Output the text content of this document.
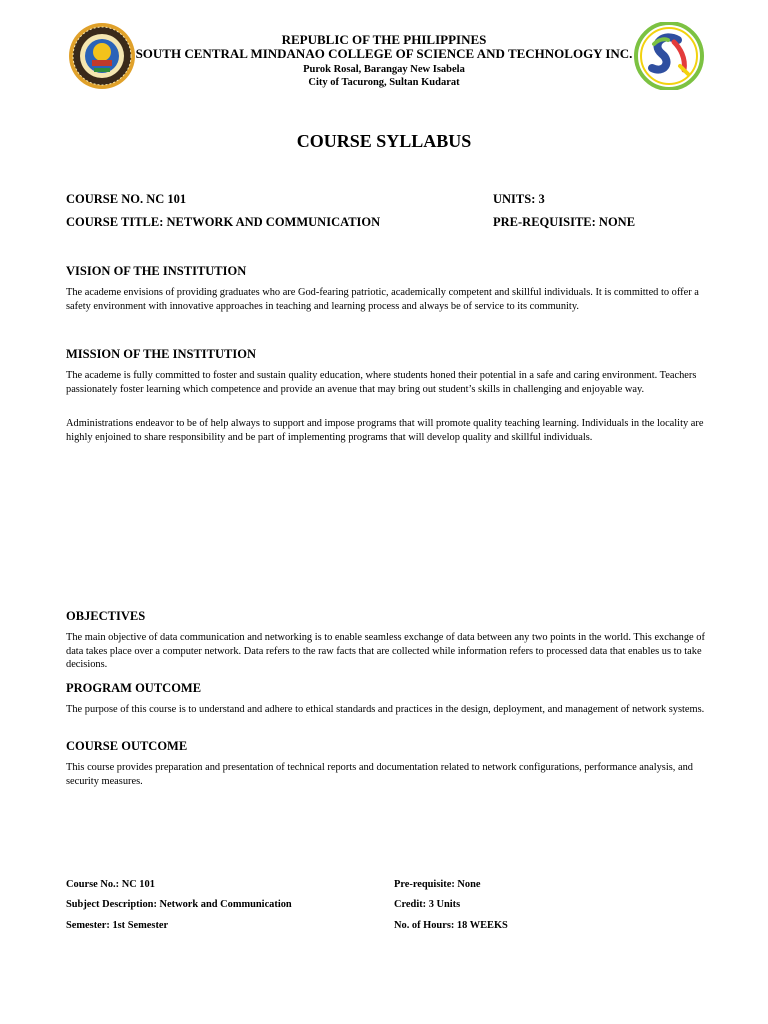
REPUBLIC OF THE PHILIPPINES
SOUTH CENTRAL MINDANAO COLLEGE OF SCIENCE AND TECHNOLOGY INC.
Purok Rosal, Barangay New Isabela
City of Tacurong, Sultan Kudarat
COURSE SYLLABUS
COURSE NO. NC 101	UNITS: 3
COURSE TITLE: NETWORK AND COMMUNICATION	PRE-REQUISITE: NONE
VISION OF THE INSTITUTION
The academe envisions of providing graduates who are God-fearing patriotic, academically competent and skillful individuals. It is committed to offer a safety environment with innovative approaches in teaching and learning process and always be of service to its community.
MISSION OF THE INSTITUTION
The academe is fully committed to foster and sustain quality education, where students honed their potential in a safe and caring environment. Teachers passionately foster learning which competence and provide an avenue that may bring out student’s skills in challenging and enjoyable way.
Administrations endeavor to be of help always to support and impose programs that will promote quality teaching learning. Individuals in the locality are highly enjoined to share responsibility and be part of implementing programs that will develop quality and skillful individuals.
OBJECTIVES
The main objective of data communication and networking is to enable seamless exchange of data between any two points in the world. This exchange of data takes place over a computer network. Data refers to the raw facts that are collected while information refers to processed data that enables us to take decisions.
PROGRAM OUTCOME
The purpose of this course is to understand and adhere to ethical standards and practices in the design, deployment, and management of network systems.
COURSE OUTCOME
This course provides preparation and presentation of technical reports and documentation related to network configurations, performance analysis, and security measures.
Course No.: NC 101	Pre-requisite: None
Subject Description: Network and Communication	Credit: 3 Units
Semester: 1st Semester	No. of Hours: 18 WEEKS
